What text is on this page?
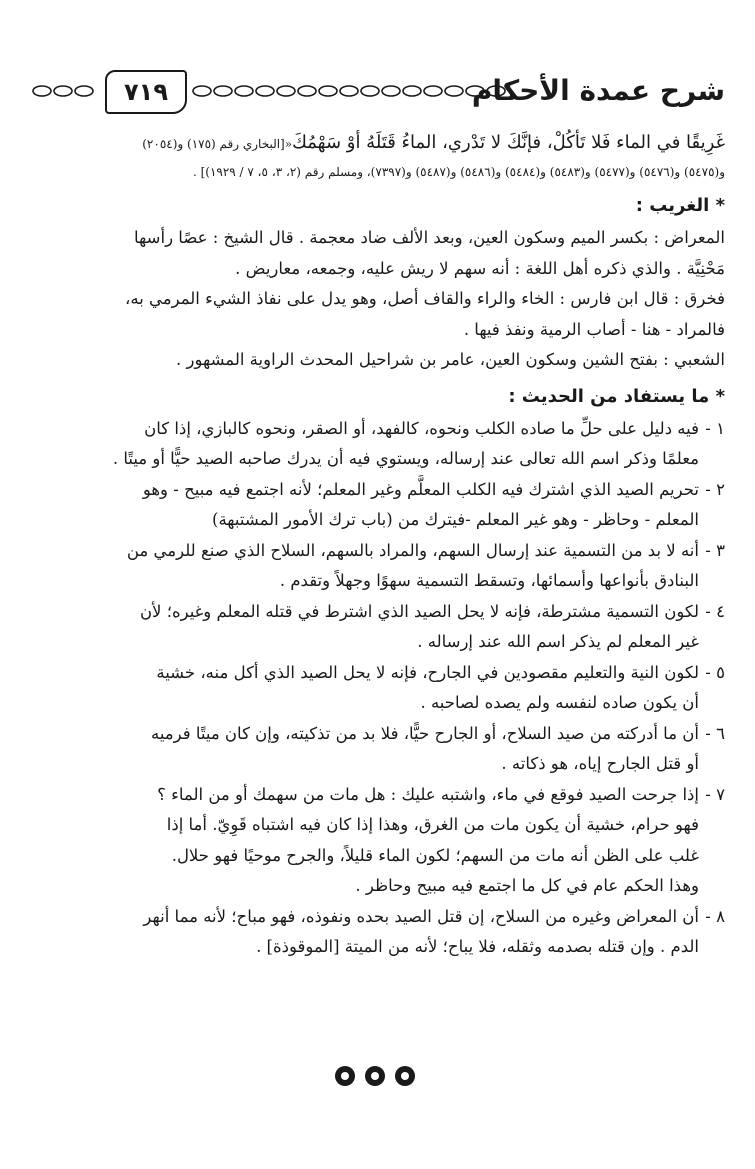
شرح عمدة الأحكام
٧١٩
غَرِيقًا في الماء فَلا تَأكُلْ، فإنَّكَ لا تَدْري، الماءُ قَتَلَهُ أوْ سَهْمُكَ«[البخاري رقم (١٧٥) و(٢٠٥٤)
و(٥٤٧٥) و(٥٤٧٦) و(٥٤٧٧) و(٥٤٨٣) و(٥٤٨٤) و(٥٤٨٦) و(٥٤٨٧) و(٧٣٩٧)، ومسلم رقم (٢، ٣، ٥، ٧ / ١٩٢٩)] .
* الغريب :
المعراض : بكسر الميم وسكون العين، وبعد الألف ضاد معجمة . قال الشيخ : عصًا رأسها
مَحْنِيَّة . والذي ذكره أهل اللغة : أنه سهم لا ريش عليه، وجمعه، معاريض .
فخرق : قال ابن فارس : الخاء والراء والقاف أصل، وهو يدل على نفاذ الشيء المرمي به،
فالمراد - هنا - أصاب الرمية ونفذ فيها .
الشعبي : بفتح الشين وسكون العين، عامر بن شراحيل المحدث الراوية المشهور .
* ما يستفاد من الحديث :
١ -فيه دليل على حلِّ ما صاده الكلب ونحوه، كالفهد، أو الصقر، ونحوه كالبازي، إذا كان
معلمًا وذكر اسم الله تعالى عند إرساله، ويستوي فيه أن يدرك صاحبه الصيد حيًّا أو ميتًا .
٢ -تحريم الصيد الذي اشترك فيه الكلب المعلَّم وغير المعلم؛ لأنه اجتمع فيه مبيح - وهو
المعلم - وحاظر - وهو غير المعلم -فيترك من (باب ترك الأمور المشتبهة)
٣ -أنه لا بد من التسمية عند إرسال السهم، والمراد بالسهم، السلاح الذي صنع للرمي من
البنادق بأنواعها وأسمائها، وتسقط التسمية سهوًا وجهلاً وتقدم .
٤ -لكون التسمية مشترطة، فإنه لا يحل الصيد الذي اشترط في قتله المعلم وغيره؛ لأن
غير المعلم لم يذكر اسم الله عند إرساله .
٥ -لكون النية والتعليم مقصودين في الجارح، فإنه لا يحل الصيد الذي أكل منه، خشية
أن يكون صاده لنفسه ولم يصده لصاحبه .
٦ -أن ما أدركته من صيد السلاح، أو الجارح حيًّا، فلا بد من تذكيته، وإن كان ميتًا فرميه
أو قتل الجارح إياه، هو ذكاته .
٧ -إذا جرحت الصيد فوقع في ماء، واشتبه عليك : هل مات من سهمك أو من الماء ؟
فهو حرام، خشية أن يكون مات من الغرق، وهذا إذا كان فيه اشتباه قَوِيّ. أما إذا
غلب على الظن أنه مات من السهم؛ لكون الماء قليلاً، والجرح موحيًا فهو حلال.
وهذا الحكم عام في كل ما اجتمع فيه مبيح وحاظر .
٨ -أن المعراض وغيره من السلاح، إن قتل الصيد بحده ونفوذه، فهو مباح؛ لأنه مما أنهر
الدم . وإن قتله بصدمه وثقله، فلا يباح؛ لأنه من الميتة [الموقوذة] .
